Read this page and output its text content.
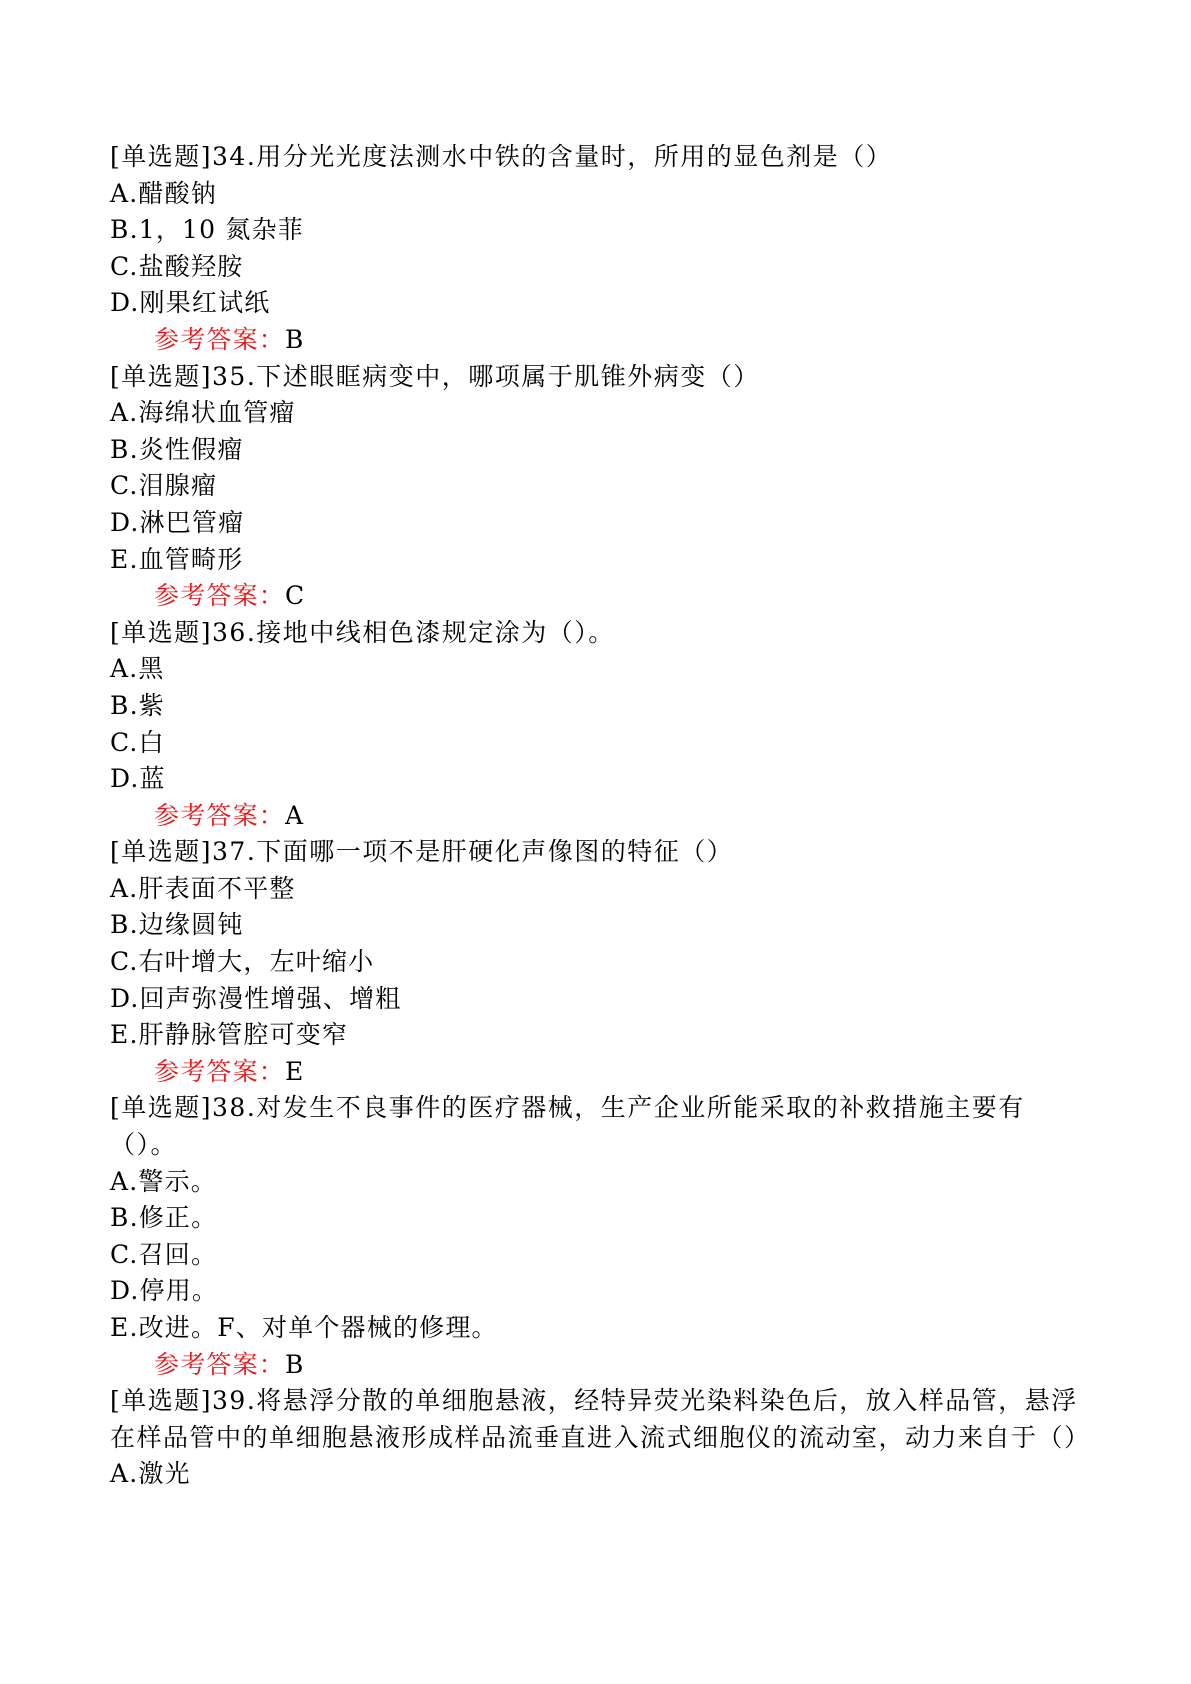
[单选题]34.用分光光度法测水中铁的含量时，所用的显色剂是（）
A.醋酸钠
B.1，10 氮杂菲
C.盐酸羟胺
D.刚果红试纸
参考答案：B
[单选题]35.下述眼眶病变中，哪项属于肌锥外病变（）
A.海绵状血管瘤
B.炎性假瘤
C.泪腺瘤
D.淋巴管瘤
E.血管畸形
参考答案：C
[单选题]36.接地中线相色漆规定涂为（）。
A.黑
B.紫
C.白
D.蓝
参考答案：A
[单选题]37.下面哪一项不是肝硬化声像图的特征（）
A.肝表面不平整
B.边缘圆钝
C.右叶增大，左叶缩小
D.回声弥漫性增强、增粗
E.肝静脉管腔可变窄
参考答案：E
[单选题]38.对发生不良事件的医疗器械，生产企业所能采取的补救措施主要有（）。
A.警示。
B.修正。
C.召回。
D.停用。
E.改进。F、对单个器械的修理。
参考答案：B
[单选题]39.将悬浮分散的单细胞悬液，经特异荧光染料染色后，放入样品管，悬浮在样品管中的单细胞悬液形成样品流垂直进入流式细胞仪的流动室，动力来自于（）
A.激光
